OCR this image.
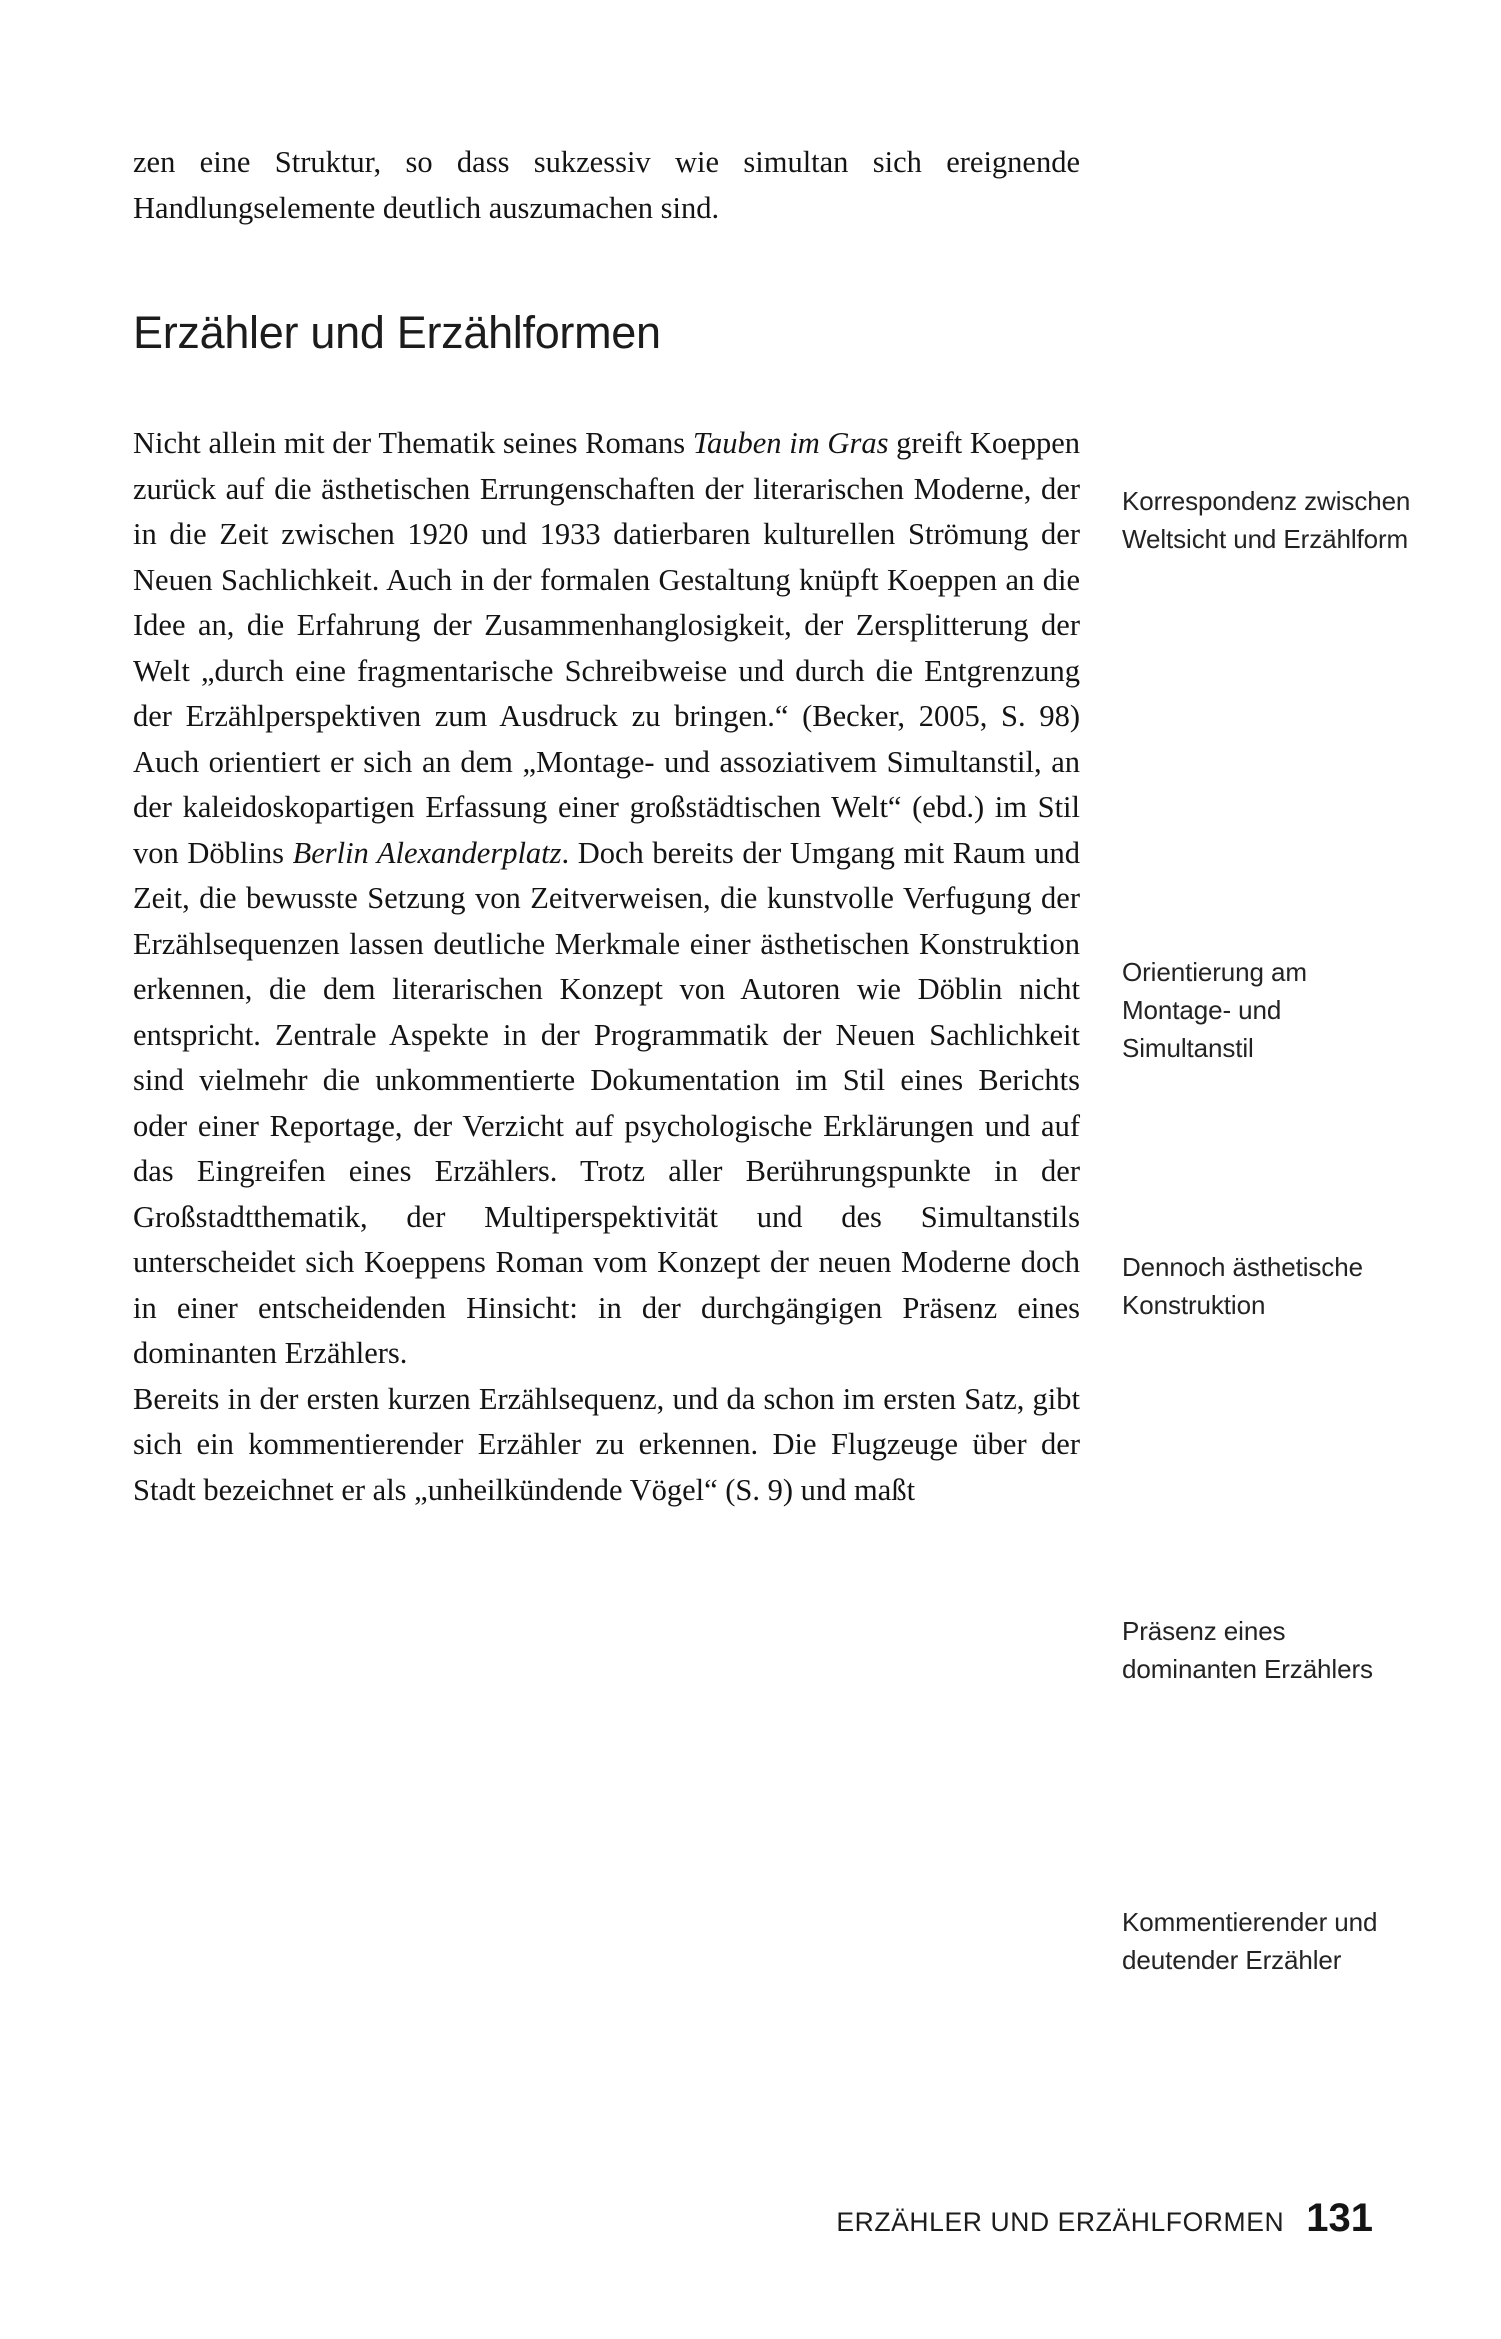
zen eine Struktur, so dass sukzessiv wie simultan sich ereignende Handlungselemente deutlich auszumachen sind.

Erzähler und Erzählformen

Nicht allein mit der Thematik seines Romans Tauben im Gras greift Koeppen zurück auf die ästhetischen Errungenschaften der literarischen Moderne, der in die Zeit zwischen 1920 und 1933 datierbaren kulturellen Strömung der Neuen Sachlichkeit. Auch in der formalen Gestaltung knüpft Koeppen an die Idee an, die Erfahrung der Zusammenhanglosigkeit, der Zersplitterung der Welt „durch eine fragmentarische Schreibweise und durch die Entgrenzung der Erzählperspektiven zum Ausdruck zu bringen.“ (Becker, 2005, S. 98) Auch orientiert er sich an dem „Montage- und assoziativem Simultanstil, an der kaleidoskopartigen Erfassung einer großstädtischen Welt“ (ebd.) im Stil von Döblins Berlin Alexanderplatz. Doch bereits der Umgang mit Raum und Zeit, die bewusste Setzung von Zeitverweisen, die kunstvolle Verfugung der Erzählsequenzen lassen deutliche Merkmale einer ästhetischen Konstruktion erkennen, die dem literarischen Konzept von Autoren wie Döblin nicht entspricht. Zentrale Aspekte in der Programmatik der Neuen Sachlichkeit sind vielmehr die unkommentierte Dokumentation im Stil eines Berichts oder einer Reportage, der Verzicht auf psychologische Erklärungen und auf das Eingreifen eines Erzählers. Trotz aller Berührungspunkte in der Großstadtthematik, der Multiperspektivität und des Simultanstils unterscheidet sich Koeppens Roman vom Konzept der neuen Moderne doch in einer entscheidenden Hinsicht: in der durchgängigen Präsenz eines dominanten Erzählers.

Bereits in der ersten kurzen Erzählsequenz, und da schon im ersten Satz, gibt sich ein kommentierender Erzähler zu erkennen. Die Flugzeuge über der Stadt bezeichnet er als „unheilkündende Vögel“ (S. 9) und maßt

Korrespondenz zwischen Weltsicht und Erzählform
Orientierung am Montage- und Simultanstil
Dennoch ästhetische Konstruktion
Präsenz eines dominanten Erzählers
Kommentierender und deutender Erzähler
ERZÄHLER UND ERZÄHLFORMEN 131
